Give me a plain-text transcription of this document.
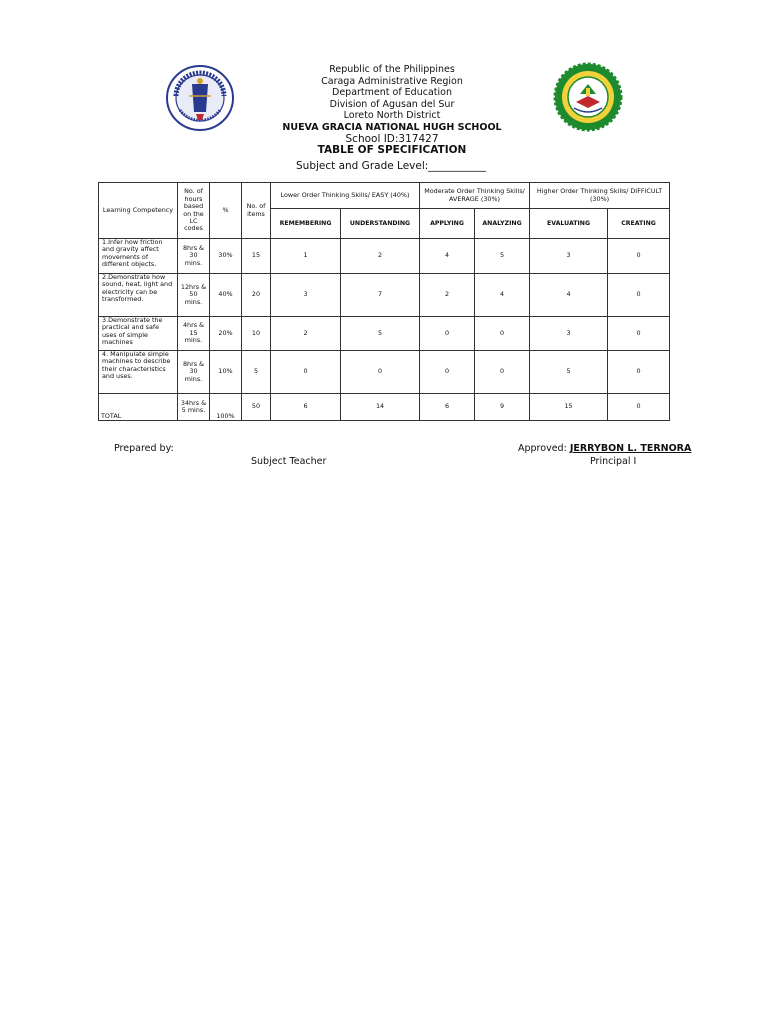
Republic of the Philippines
Caraga Administrative Region
Department of Education
Division of Agusan del Sur
Loreto North District
NUEVA GRACIA NATIONAL HUGH SCHOOL
School ID:317427
TABLE OF SPECIFICATION
Subject and Grade Level:___________
Learning Competency	No. of hours based on the LC codes	%	No. of items	Lower Order Thinking Skills/ EASY (40%)		Moderate Order Thinking Skills/ AVERAGE (30%)		Higher Order Thinking Skills/ DIFFICULT (30%)	
				REMEMBERING	UNDERSTANDING	APPLYING	ANALYZING	EVALUATING	CREATING
1.Infer how friction and gravity affect movements of different objects.	8hrs & 30 mins.	30%	15	1	2	4	5	3	0
2.Demonstrate how sound, heat, light and electricity can be transformed.	12hrs & 50 mins.	40%	20	3	7	2	4	4	0
3.Demonstrate the practical and safe uses of simple machines	4hrs & 15 mins.	20%	10	2	5	0	0	3	0
4. Manipulate simple machines to describe their characteristics and uses.	8hrs & 30 mins.	10%	5	0	0	0	0	5	0
TOTAL	34hrs & 5 mins.	100%	50	6	14	6	9	15	0
Prepared by:
Subject Teacher
Approved: JERRYBON L. TERNORA
Principal I
